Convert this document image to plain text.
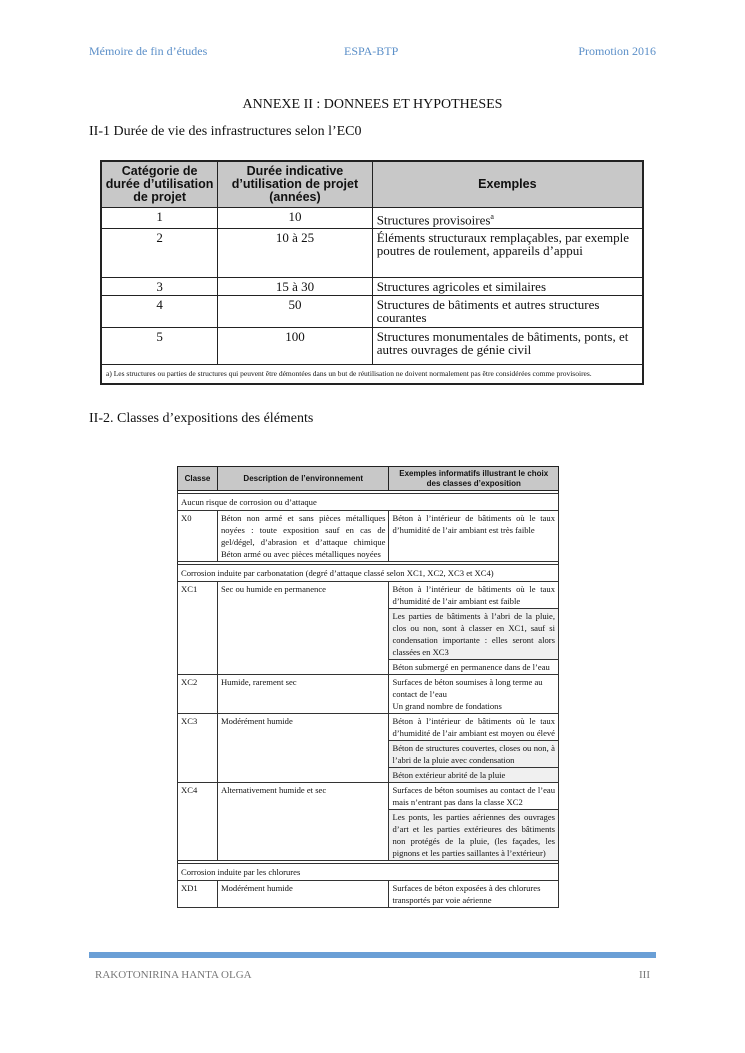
Mémoire de fin d’études	ESPA-BTP	Promotion 2016
ANNEXE II : DONNEES ET HYPOTHESES
II-1 Durée de vie des infrastructures selon l’EC0
Catégorie de durée d’utilisation de projet	Durée indicative d’utilisation de projet (années)	Exemples
1	10	Structures provisoires$^a$
2	10 à 25	Éléments structuraux remplaçables, par exemple poutres de roulement, appareils d’appui
3	15 à 30	Structures agricoles et similaires
4	50	Structures de bâtiments et autres structures courantes
5	100	Structures monumentales de bâtiments, ponts, et autres ouvrages de génie civil
a) Les structures ou parties de structures qui peuvent être démontées dans un but de réutilisation ne doivent normalement pas être considérées comme provisoires.		
II-2. Classes d’expositions des éléments
Classe	Description de l’environnement	Exemples informatifs illustrant le choix des classes d’exposition

Aucun risque de corrosion ou d’attaque		
X0	Béton non armé et sans pièces métalliques noyées : toute exposition sauf en cas de gel/dégel, d’abrasion et d’attaque chimique Béton armé ou avec pièces métalliques noyées	Béton à l’intérieur de bâtiments où le taux d’humidité de l’air ambiant est très faible

Corrosion induite par carbonatation (degré d’attaque classé selon XC1, XC2, XC3 et XC4)		
XC1	Sec ou humide en permanence	Béton à l’intérieur de bâtiments où le taux d’humidité de l’air ambiant est faible
		Les parties de bâtiments à l’abri de la pluie, clos ou non, sont à classer en XC1, sauf si condensation importante : elles seront alors classées en XC3
		Béton submergé en permanence dans de l’eau
XC2	Humide, rarement sec	Surfaces de béton soumises à long terme au contact de l’eau
Un grand nombre de fondations

XC3	Modérément humide	Béton à l’intérieur de bâtiments où le taux d’humidité de l’air ambiant est moyen ou élevé
		Béton de structures couvertes, closes ou non, à l’abri de la pluie avec condensation
		Béton extérieur abrité de la pluie
XC4	Alternativement humide et sec	Surfaces de béton soumises au contact de l’eau mais n’entrant pas dans la classe XC2
		Les ponts, les parties aériennes des ouvrages d’art et les parties extérieures des bâtiments non protégés de la pluie, (les façades, les pignons et les parties saillantes à l’extérieur)

Corrosion induite par les chlorures		
XD1	Modérément humide	Surfaces de béton exposées à des chlorures transportés par voie aérienne
RAKOTONIRINA HANTA OLGA	III
